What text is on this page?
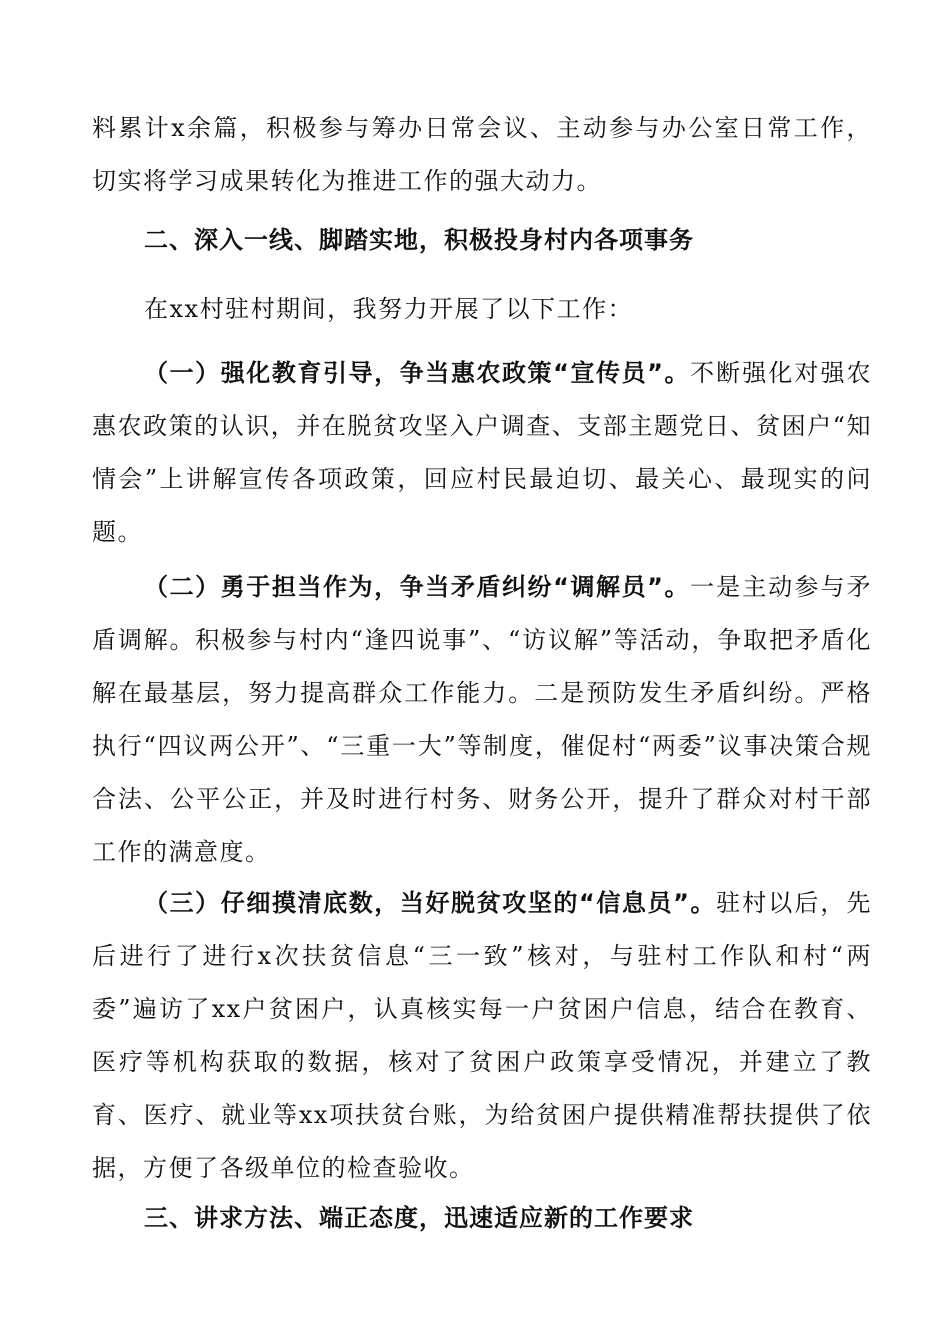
料累计x余篇，积极参与筹办日常会议、主动参与办公室日常工作，切实将学习成果转化为推进工作的强大动力。

二、深入一线、脚踏实地，积极投身村内各项事务

在xx村驻村期间，我努力开展了以下工作：

（一）强化教育引导，争当惠农政策“宣传员”。不断强化对强农惠农政策的认识，并在脱贫攻坚入户调查、支部主题党日、贫困户“知情会”上讲解宣传各项政策，回应村民最迫切、最关心、最现实的问题。

（二）勇于担当作为，争当矛盾纠纷“调解员”。一是主动参与矛盾调解。积极参与村内“逢四说事”、“访议解”等活动，争取把矛盾化解在最基层，努力提高群众工作能力。二是预防发生矛盾纠纷。严格执行“四议两公开”、“三重一大”等制度，催促村“两委”议事决策合规合法、公平公正，并及时进行村务、财务公开，提升了群众对村干部工作的满意度。

（三）仔细摸清底数，当好脱贫攻坚的“信息员”。驻村以后，先后进行了进行x次扶贫信息“三一致”核对，与驻村工作队和村“两委”遍访了xx户贫困户，认真核实每一户贫困户信息，结合在教育、医疗等机构获取的数据，核对了贫困户政策享受情况，并建立了教育、医疗、就业等xx项扶贫台账，为给贫困户提供精准帮扶提供了依据，方便了各级单位的检查验收。

三、讲求方法、端正态度，迅速适应新的工作要求
